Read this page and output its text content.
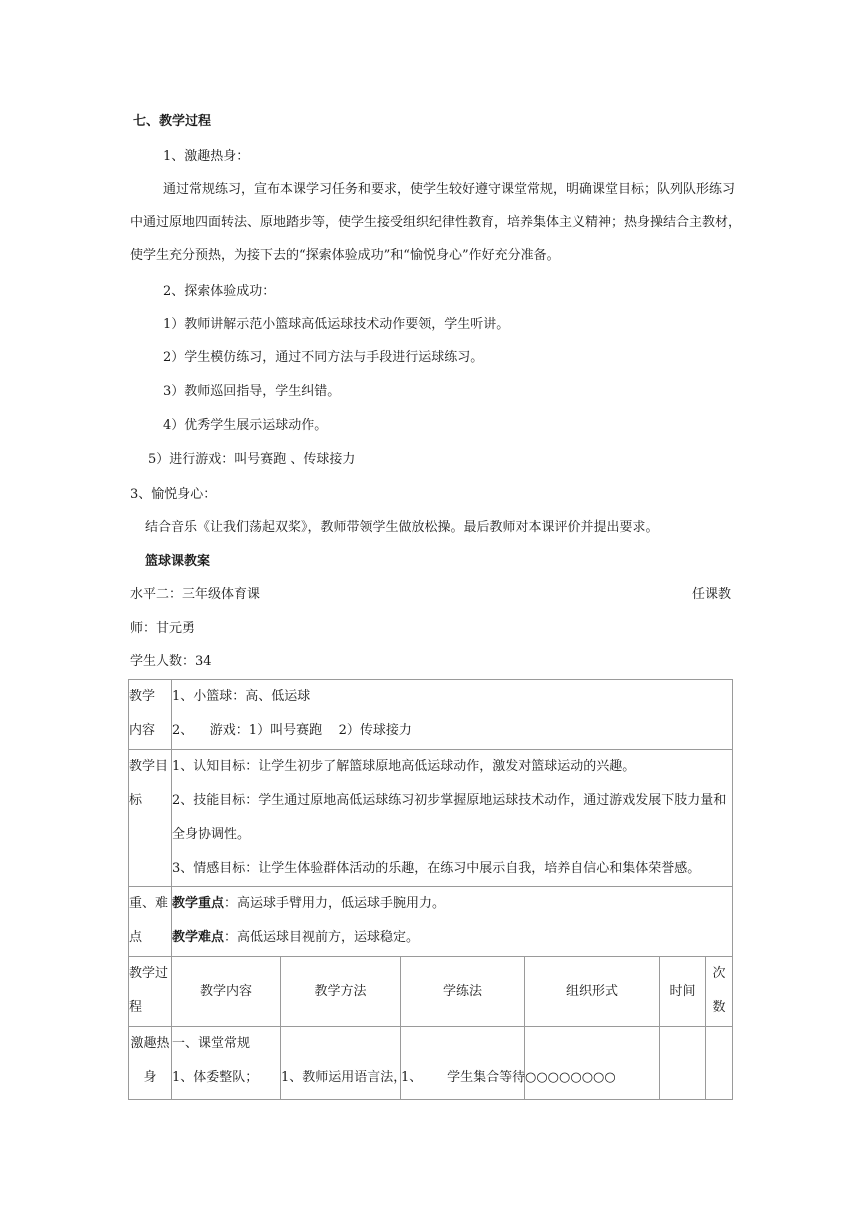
七、教学过程
1、激趣热身：
通过常规练习，宣布本课学习任务和要求，使学生较好遵守课堂常规，明确课堂目标；队列队形练习
中通过原地四面转法、原地踏步等，使学生接受组织纪律性教育，培养集体主义精神；热身操结合主教材，
使学生充分预热，为接下去的“探索体验成功”和“愉悦身心”作好充分准备。
2、探索体验成功：
1）教师讲解示范小篮球高低运球技术动作要领，学生听讲。
2）学生模仿练习，通过不同方法与手段进行运球练习。
3）教师巡回指导，学生纠错。
4）优秀学生展示运球动作。
5）进行游戏：叫号赛跑 、传球接力
3、愉悦身心：
结合音乐《让我们荡起双桨》，教师带领学生做放松操。最后教师对本课评价并提出要求。
篮球课教案
水平二：三年级体育课	任课教
师：甘元勇
学生人数：34
教学
内容	1、小篮球：高、低运球
2、    游戏：1）叫号赛跑    2）传球接力					

教学目
标	1、认知目标：让学生初步了解篮球原地高低运球动作，激发对篮球运动的兴趣。
2、技能目标：学生通过原地高低运球练习初步掌握原地运球技术动作，通过游戏发展下肢力量和
全身协调性。
3、情感目标：让学生体验群体活动的乐趣，在练习中展示自我，培养自信心和集体荣誉感。					

重、难
点	教学重点：高运球手臂用力，低运球手腕用力。
教学难点：高低运球目视前方，运球稳定。					

教学过
程	教学内容	教学方法	学练法	组织形式	时间	次
数

激趣热
身	一、课堂常规
1、体委整队；	1、教师运用语言法，	1、      学生集合等待	○○○○○○○○		
